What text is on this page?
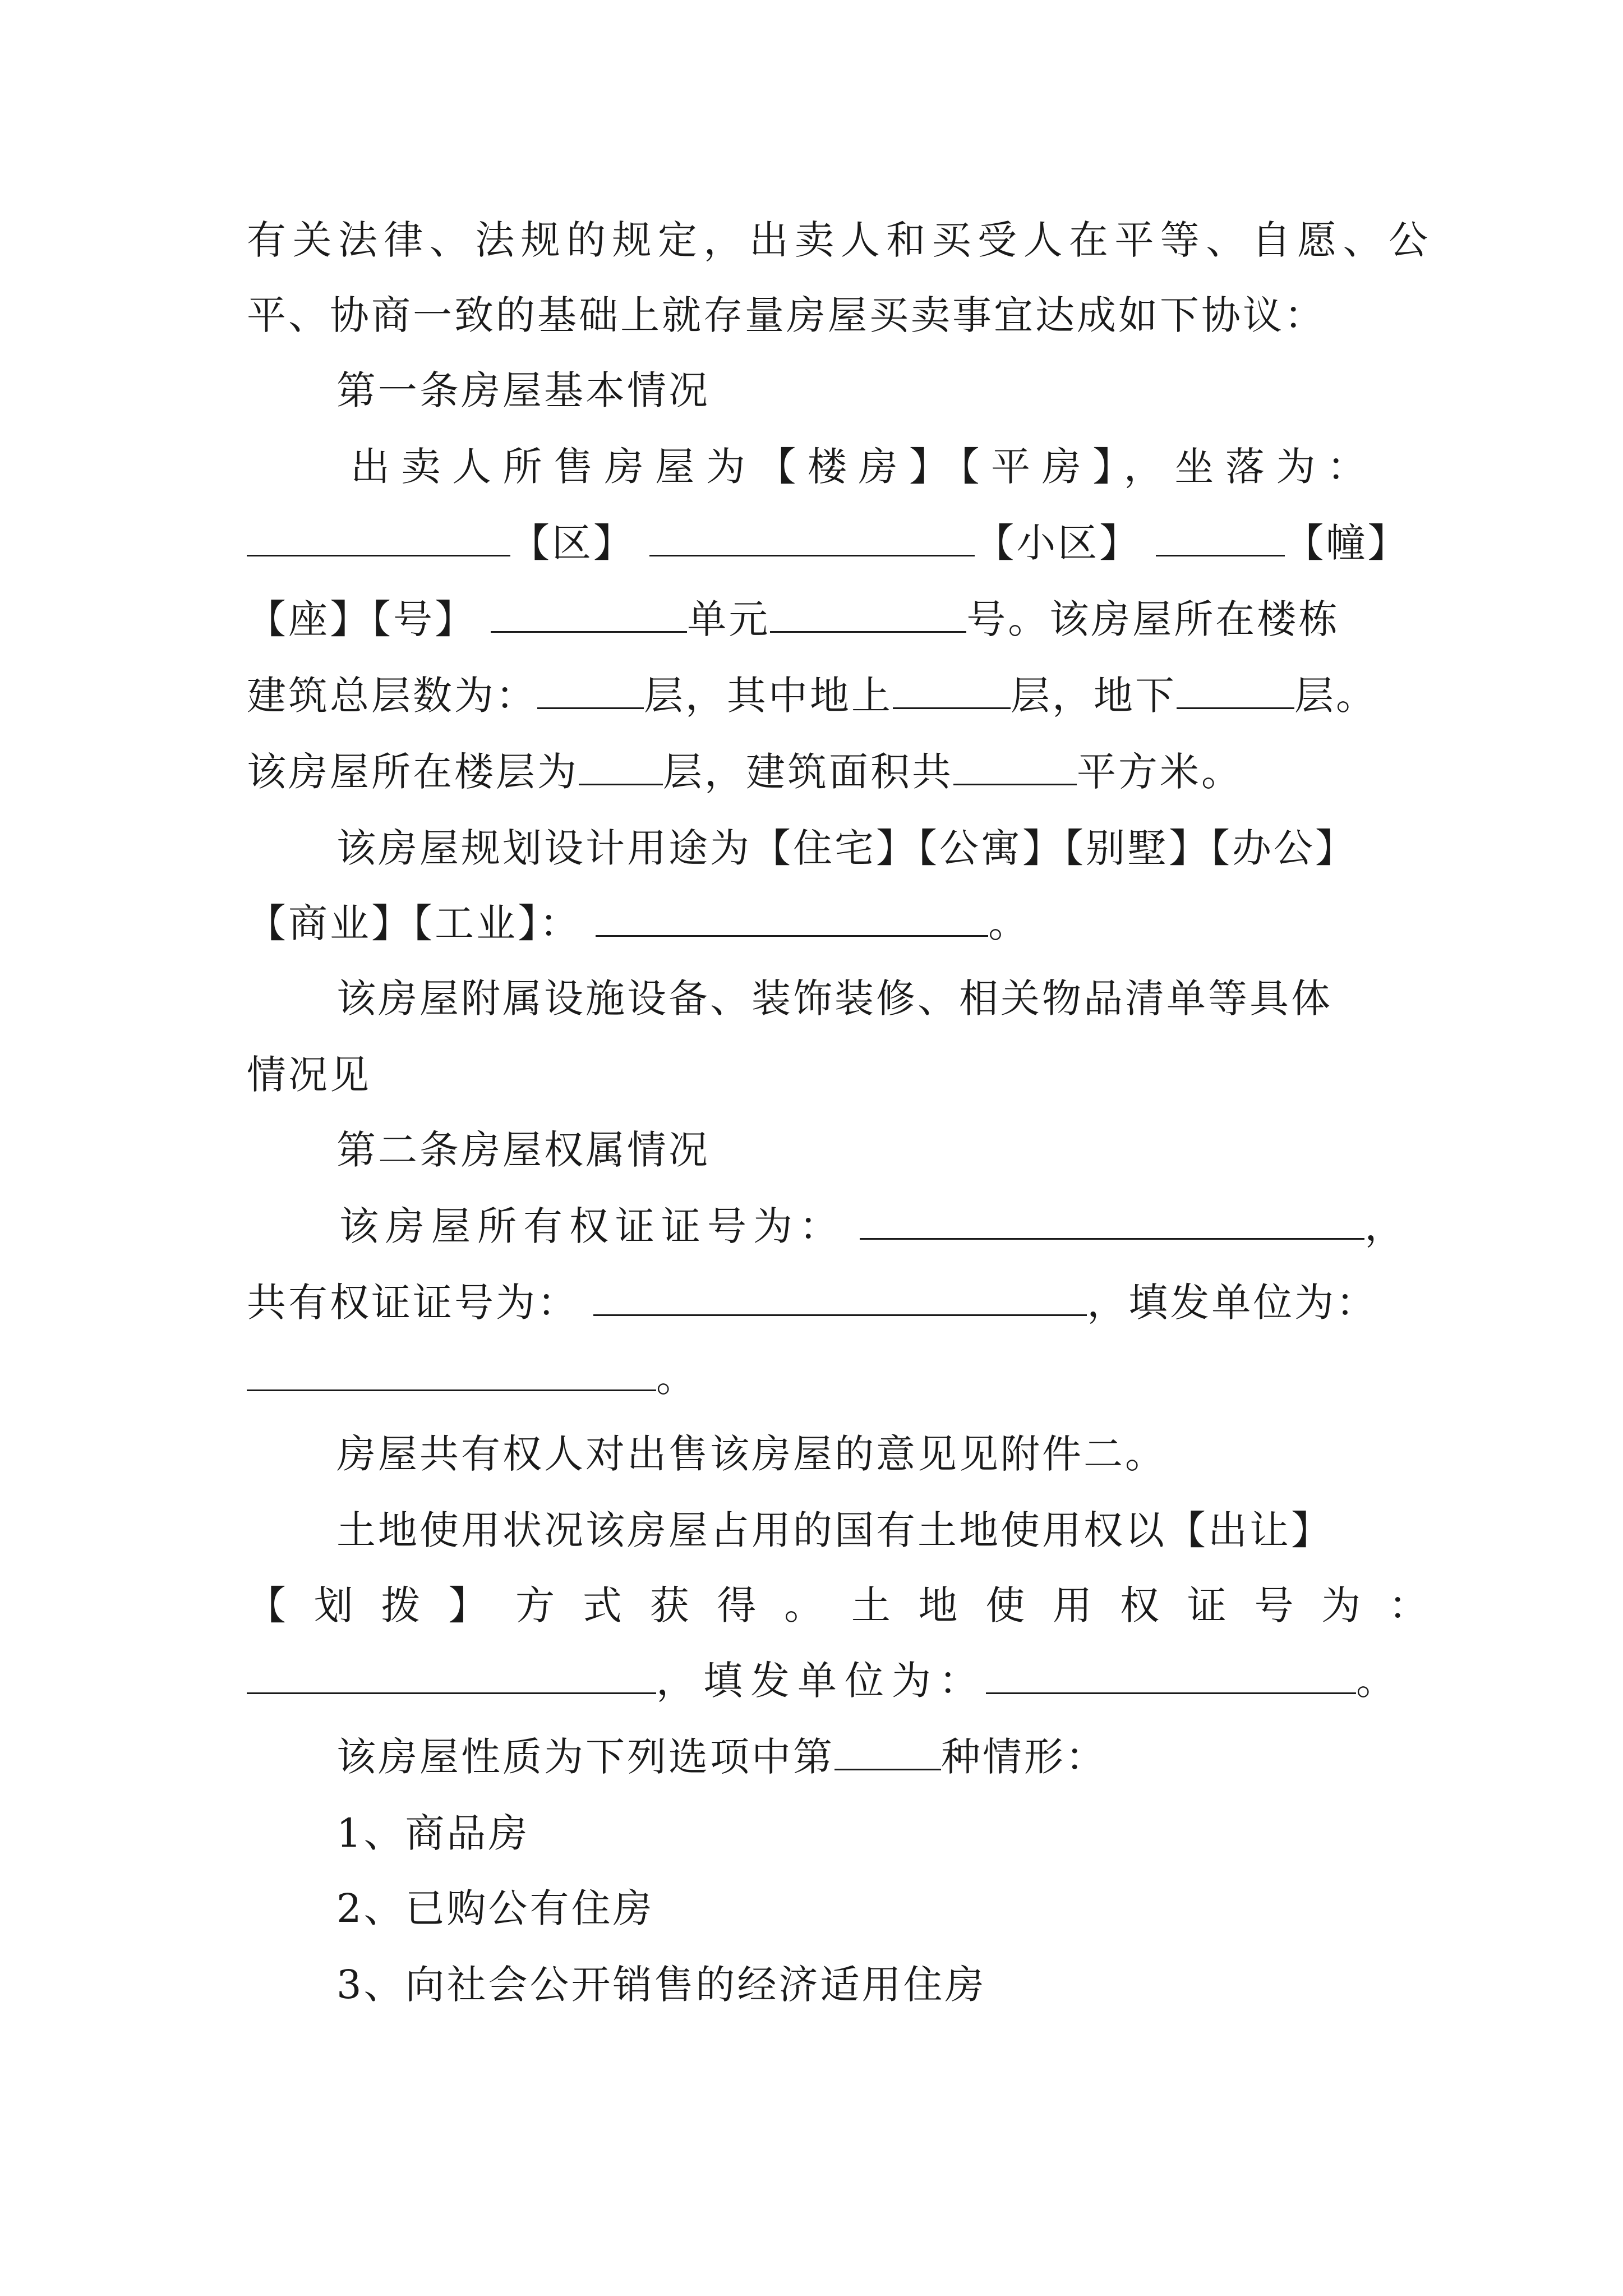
有关法律、法规的规定，出卖人和买受人在平等、自愿、公
平、协商一致的基础上就存量房屋买卖事宜达成如下协议：
第一条房屋基本情况
出卖人所售房屋为【楼房】【平房】，坐落为：
【区】	【小区】	【幢】
【座】【号】	单元	号。该房屋所在楼栋
建筑总层数为：	层，其中地上	层，地下	层。
该房屋所在楼层为 层，建筑面积共	平方米。
该房屋规划设计用途为【住宅】【公寓】【别墅】【办公】
【商业】【工业】：	。
该房屋附属设施设备、装饰装修、相关物品清单等具体
情况见
第二条房屋权属情况
该房屋所有权证证号为：	，
共有权证证号为：	，填发单位为：
。
房屋共有权人对出售该房屋的意见见附件二。
土地使用状况该房屋占用的国有土地使用权以【出让】
【划拨】方式获得。土地使用权证号为：
，填发单位为：	。
该房屋性质为下列选项中第	种情形：
1、商品房
2、已购公有住房
3、向社会公开销售的经济适用住房
